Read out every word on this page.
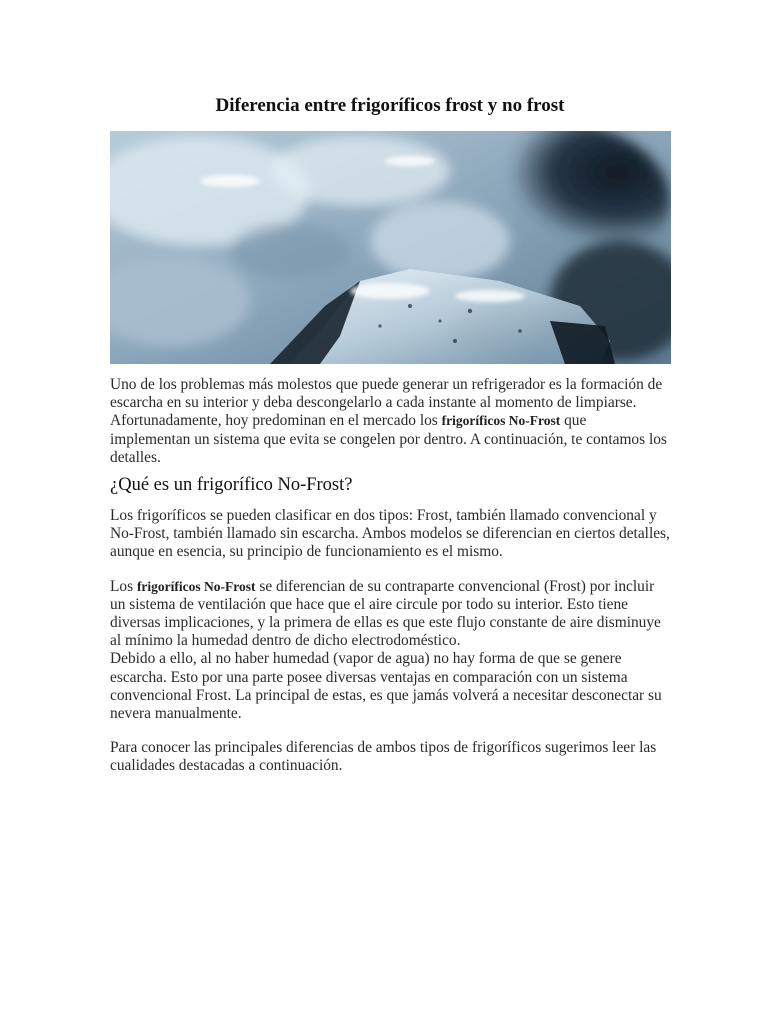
Diferencia entre frigoríficos frost y no frost

Uno de los problemas más molestos que puede generar un refrigerador es la formación de escarcha en su interior y deba descongelarlo a cada instante al momento de limpiarse. Afortunadamente, hoy predominan en el mercado los frigoríficos No-Frost que implementan un sistema que evita se congelen por dentro. A continuación, te contamos los detalles.

¿Qué es un frigorífico No-Frost?

Los frigoríficos se pueden clasificar en dos tipos: Frost, también llamado convencional y No-Frost, también llamado sin escarcha. Ambos modelos se diferencian en ciertos detalles, aunque en esencia, su principio de funcionamiento es el mismo.

Los frigoríficos No-Frost se diferencian de su contraparte convencional (Frost) por incluir un sistema de ventilación que hace que el aire circule por todo su interior. Esto tiene diversas implicaciones, y la primera de ellas es que este flujo constante de aire disminuye al mínimo la humedad dentro de dicho electrodoméstico.

Debido a ello, al no haber humedad (vapor de agua) no hay forma de que se genere escarcha. Esto por una parte posee diversas ventajas en comparación con un sistema convencional Frost. La principal de estas, es que jamás volverá a necesitar desconectar su nevera manualmente.

Para conocer las principales diferencias de ambos tipos de frigoríficos sugerimos leer las cualidades destacadas a continuación.
